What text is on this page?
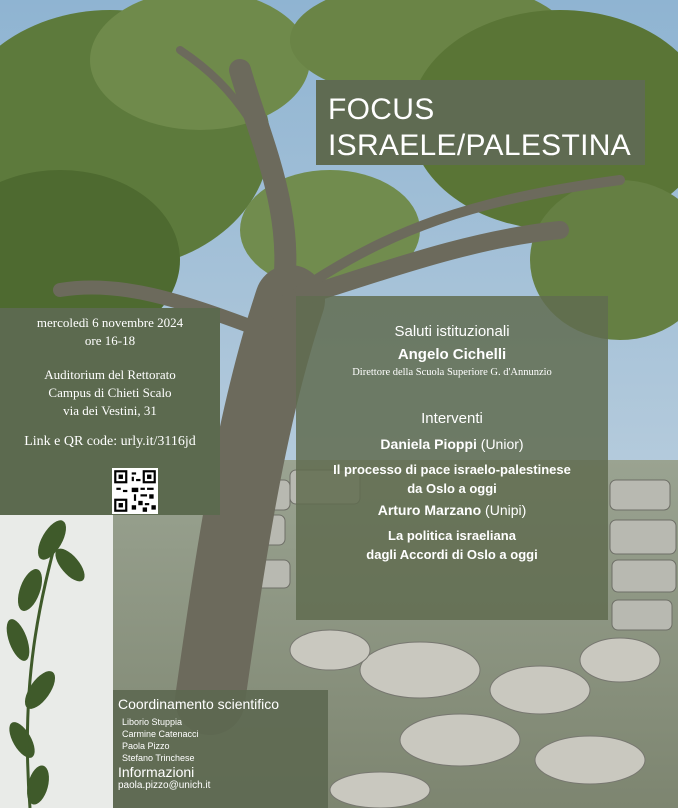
FOCUS
ISRAELE/PALESTINA
mercoledì 6 novembre 2024
ore 16-18
Auditorium del Rettorato
Campus di Chieti Scalo
via dei Vestini, 31
Link e QR code: urly.it/3116jd
Saluti istituzionali
Angelo Cichelli
Direttore della Scuola Superiore G. d'Annunzio
Interventi
Daniela Pioppi (Unior)
Il processo di pace israelo-palestinese
da Oslo a oggi
Arturo Marzano (Unipi)
La politica israeliana
dagli Accordi di Oslo a oggi
Coordinamento scientifico
Liborio Stuppia
Carmine Catenacci
Paola Pizzo
Stefano Trinchese
Informazioni
paola.pizzo@unich.it
